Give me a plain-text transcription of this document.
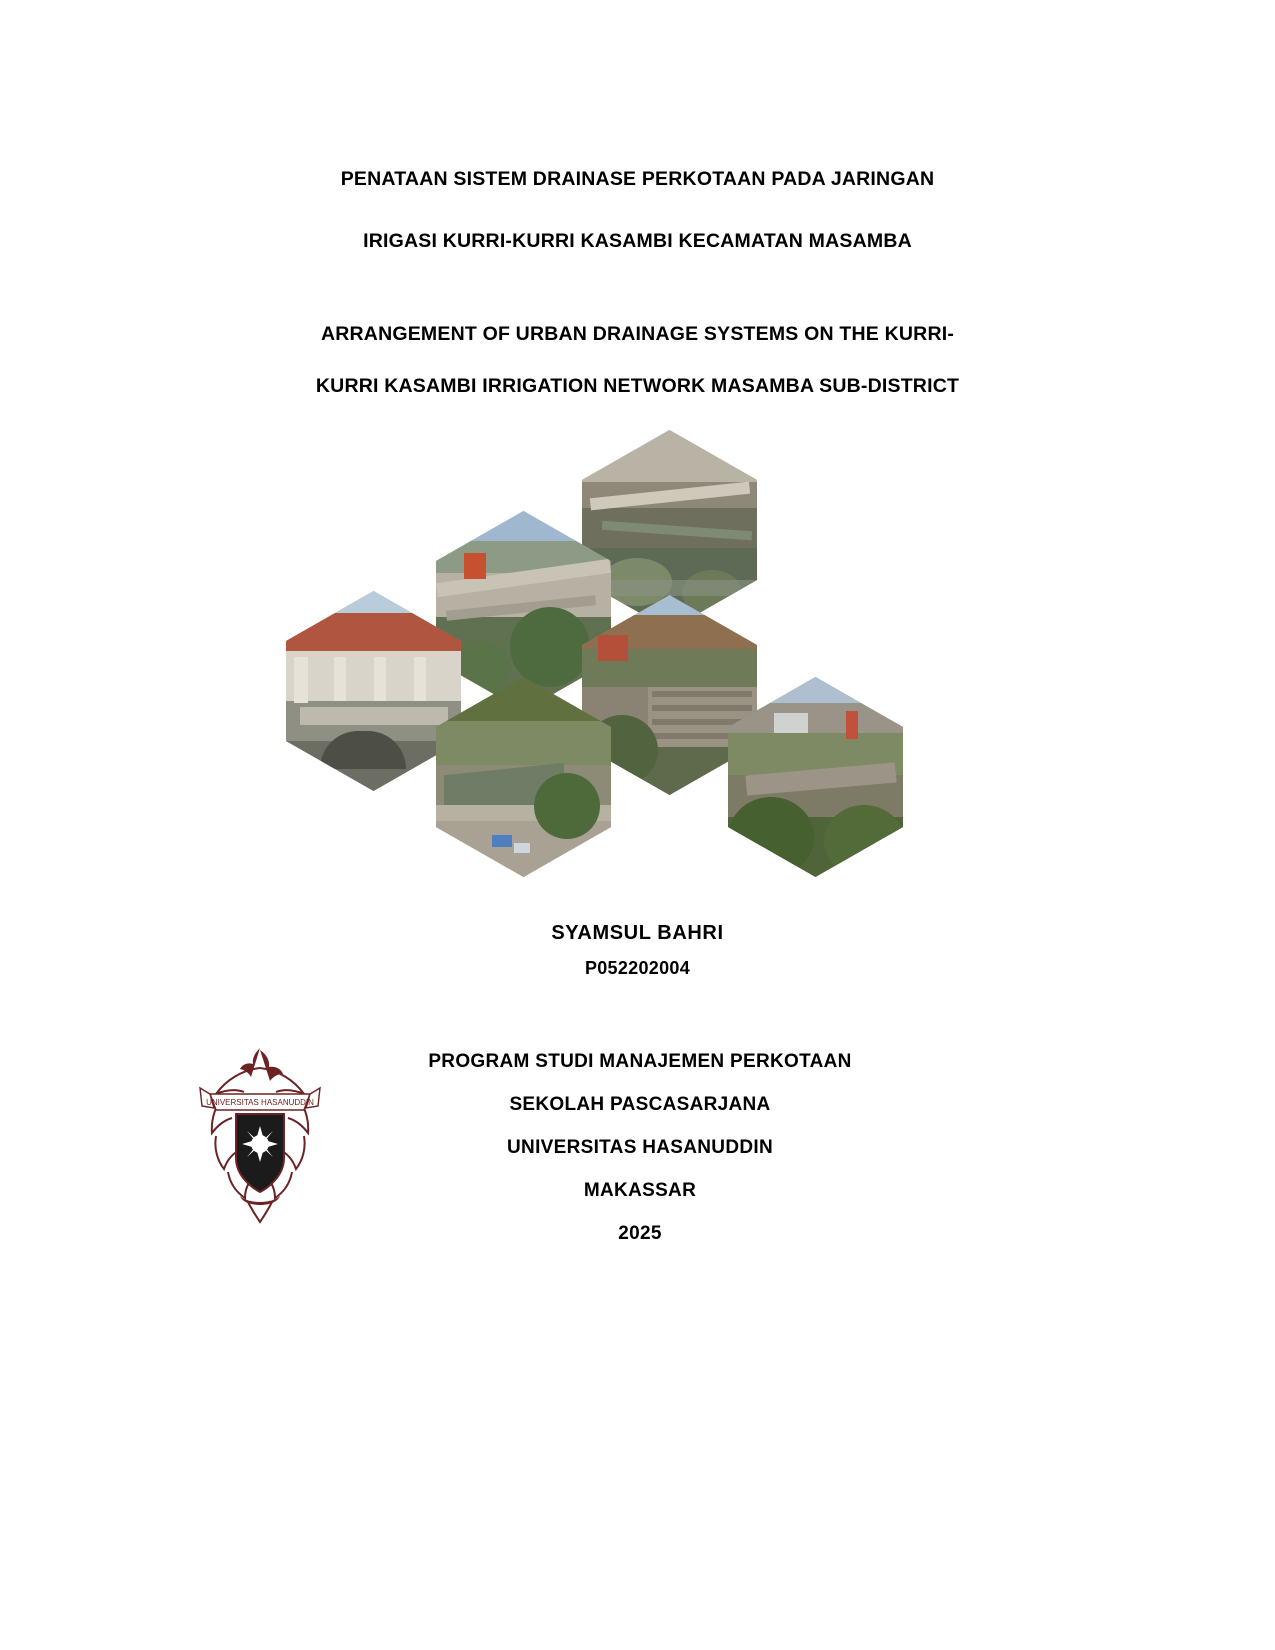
PENATAAN SISTEM DRAINASE PERKOTAAN PADA JARINGAN
IRIGASI KURRI-KURRI KASAMBI KECAMATAN MASAMBA
ARRANGEMENT OF URBAN DRAINAGE SYSTEMS ON THE KURRI-
KURRI KASAMBI IRRIGATION NETWORK MASAMBA SUB-DISTRICT
SYAMSUL BAHRI
P052202004
UNIVERSITAS HASANUDDIN
PROGRAM STUDI MANAJEMEN PERKOTAAN
SEKOLAH PASCASARJANA
UNIVERSITAS HASANUDDIN
MAKASSAR
2025
